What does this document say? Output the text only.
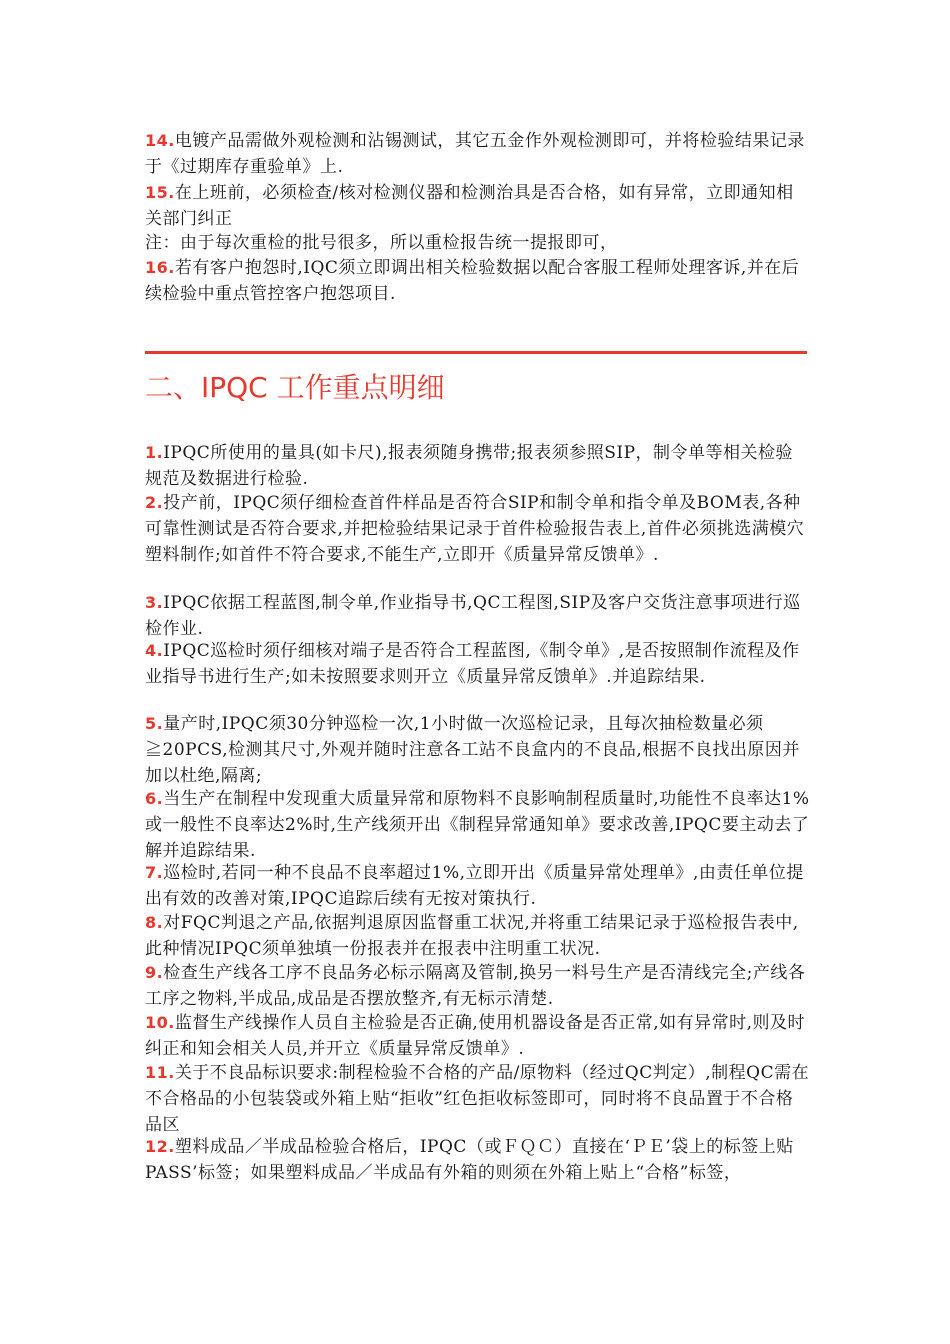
14.电镀产品需做外观检测和沾锡测试，其它五金作外观检测即可，并将检验结果记录于《过期库存重验单》上.
15.在上班前，必须检查/核对检测仪器和检测治具是否合格，如有异常，立即通知相关部门纠正
注：由于每次重检的批号很多，所以重检报告统一提报即可，
16.若有客户抱怨时,IQC须立即调出相关检验数据以配合客服工程师处理客诉,并在后续检验中重点管控客户抱怨项目.
二、IPQC 工作重点明细
1.IPQC所使用的量具(如卡尺),报表须随身携带;报表须参照SIP，制令单等相关检验规范及数据进行检验.
2.投产前，IPQC须仔细检查首件样品是否符合SIP和制令单和指令单及BOM表,各种可靠性测试是否符合要求,并把检验结果记录于首件检验报告表上,首件必须挑选满模穴塑料制作;如首件不符合要求,不能生产,立即开《质量异常反馈单》.
3.IPQC依据工程蓝图,制令单,作业指导书,QC工程图,SIP及客户交货注意事项进行巡检作业.
4.IPQC巡检时须仔细核对端子是否符合工程蓝图,《制令单》,是否按照制作流程及作业指导书进行生产;如未按照要求则开立《质量异常反馈单》.并追踪结果.
5.量产时,IPQC须30分钟巡检一次,1小时做一次巡检记录，且每次抽检数量必须≧20PCS,检测其尺寸,外观并随时注意各工站不良盒内的不良品,根据不良找出原因并加以杜绝,隔离;
6.当生产在制程中发现重大质量异常和原物料不良影响制程质量时,功能性不良率达1%或一般性不良率达2%时,生产线须开出《制程异常通知单》要求改善,IPQC要主动去了解并追踪结果.
7.巡检时,若同一种不良品不良率超过1%,立即开出《质量异常处理单》,由责任单位提出有效的改善对策,IPQC追踪后续有无按对策执行.
8.对FQC判退之产品,依据判退原因监督重工状况,并将重工结果记录于巡检报告表中,此种情况IPQC须单独填一份报表并在报表中注明重工状况.
9.检查生产线各工序不良品务必标示隔离及管制,换另一料号生产是否清线完全;产线各工序之物料,半成品,成品是否摆放整齐,有无标示清楚.
10.监督生产线操作人员自主检验是否正确,使用机器设备是否正常,如有异常时,则及时纠正和知会相关人员,并开立《质量异常反馈单》.
11.关于不良品标识要求:制程检验不合格的产品/原物料（经过QC判定）,制程QC需在不合格品的小包装袋或外箱上贴“拒收”红色拒收标签即可，同时将不良品置于不合格品区
12.塑料成品／半成品检验合格后，IPQC（或ＦＱＣ）直接在‘ＰＥ’袋上的标签上贴 PASS’标签；如果塑料成品／半成品有外箱的则须在外箱上贴上“合格”标签，
